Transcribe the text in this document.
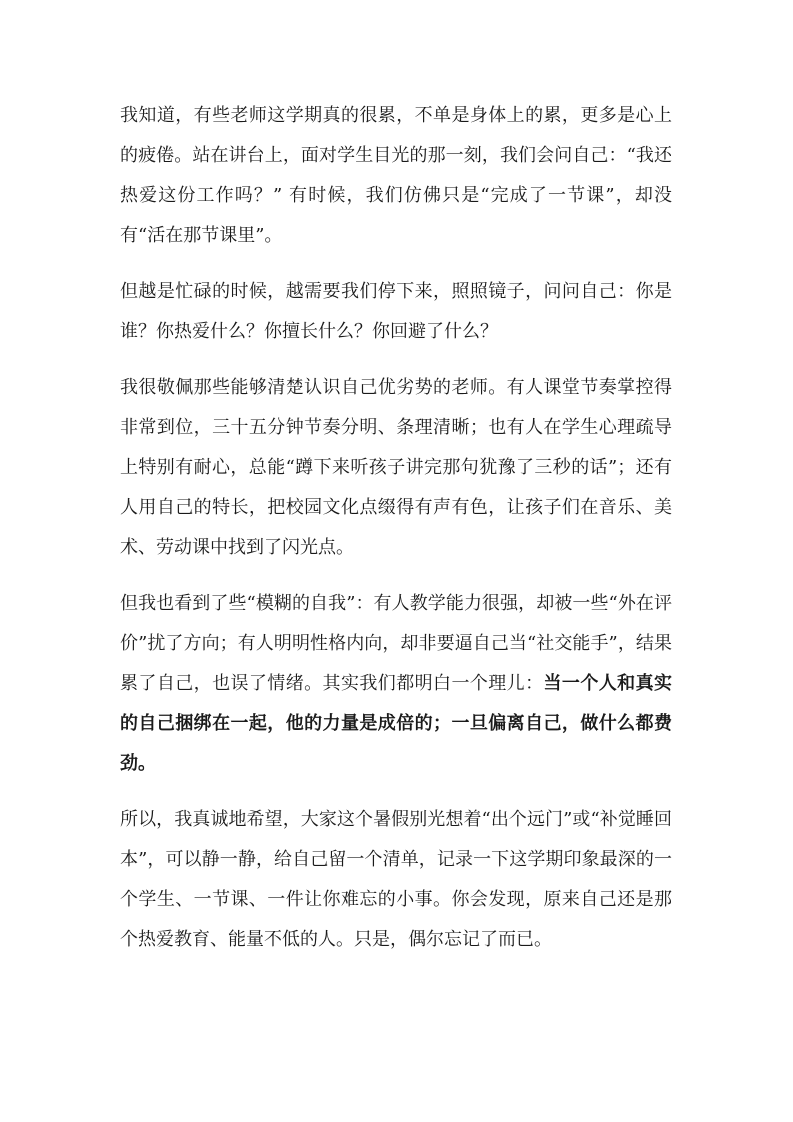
我知道，有些老师这学期真的很累，不单是身体上的累，更多是心上的疲倦。站在讲台上，面对学生目光的那一刻，我们会问自己：“我还热爱这份工作吗？” 有时候，我们仿佛只是“完成了一节课”，却没有“活在那节课里”。

但越是忙碌的时候，越需要我们停下来，照照镜子，问问自己：你是谁？你热爱什么？你擅长什么？你回避了什么？

我很敬佩那些能够清楚认识自己优劣势的老师。有人课堂节奏掌控得非常到位，三十五分钟节奏分明、条理清晰；也有人在学生心理疏导上特别有耐心，总能“蹲下来听孩子讲完那句犹豫了三秒的话”；还有人用自己的特长，把校园文化点缀得有声有色，让孩子们在音乐、美术、劳动课中找到了闪光点。

但我也看到了些“模糊的自我”：有人教学能力很强，却被一些“外在评价”扰了方向；有人明明性格内向，却非要逼自己当“社交能手”，结果累了自己，也误了情绪。其实我们都明白一个理儿：当一个人和真实的自己捆绑在一起，他的力量是成倍的；一旦偏离自己，做什么都费劲。

所以，我真诚地希望，大家这个暑假别光想着“出个远门”或“补觉睡回本”，可以静一静，给自己留一个清单，记录一下这学期印象最深的一个学生、一节课、一件让你难忘的小事。你会发现，原来自己还是那个热爱教育、能量不低的人。只是，偶尔忘记了而已。
